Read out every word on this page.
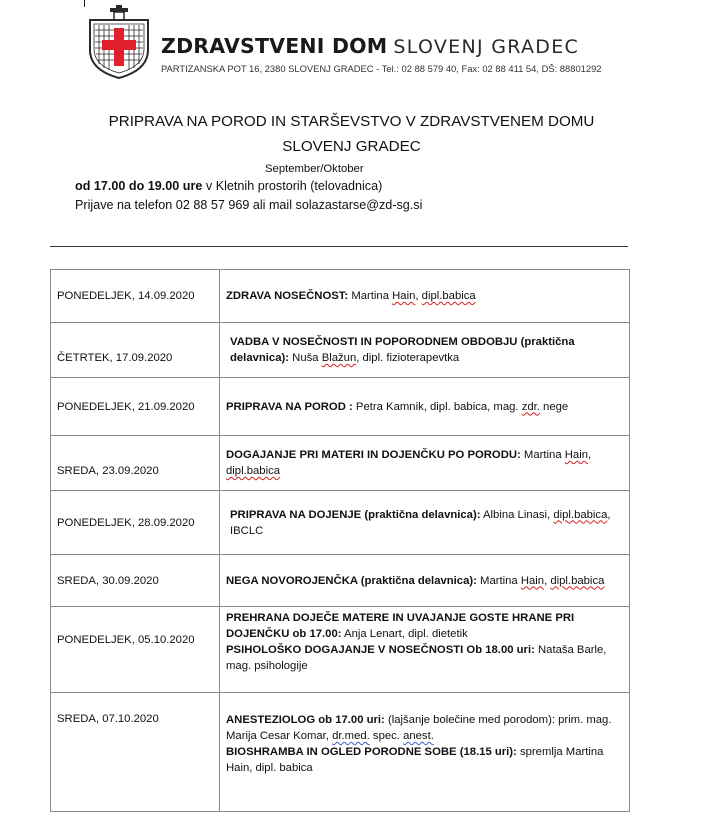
ZDRAVSTVENI DOM SLOVENJ GRADEC
PARTIZANSKA POT 16, 2380 SLOVENJ GRADEC - Tel.: 02 88 579 40, Fax: 02 88 411 54, DŠ: 88801292
PRIPRAVA NA POROD IN STARŠEVSTVO V ZDRAVSTVENEM DOMU
SLOVENJ GRADEC
September/Oktober
od 17.00 do 19.00 ure v Kletnih prostorih (telovadnica)
Prijave na telefon 02 88 57 969 ali mail solazastarse@zd-sg.si
PONEDELJEK, 14.09.2020	ZDRAVA NOSEČNOST: Martina Hain, dipl.babica
ČETRTEK, 17.09.2020	VADBA V NOSEČNOSTI IN POPORODNEM OBDOBJU (praktična delavnica): Nuša Blažun, dipl. fizioterapevtka
PONEDELJEK, 21.09.2020	PRIPRAVA NA POROD : Petra Kamnik, dipl. babica, mag. zdr. nege
SREDA, 23.09.2020	DOGAJANJE PRI MATERI IN DOJENČKU PO PORODU: Martina Hain, dipl.babica
PONEDELJEK, 28.09.2020	PRIPRAVA NA DOJENJE (praktična delavnica): Albina Linasi, dipl.babica, IBCLC
SREDA, 30.09.2020	NEGA NOVOROJENČKA (praktična delavnica): Martina Hain, dipl.babica
PONEDELJEK, 05.10.2020	PREHRANA DOJEČE MATERE IN UVAJANJE GOSTE HRANE PRI DOJENČKU ob 17.00: Anja Lenart, dipl. dietetik
PSIHOLOŠKO DOGAJANJE V NOSEČNOSTI Ob 18.00 uri: Nataša Barle, mag. psihologije

SREDA, 07.10.2020	ANESTEZIOLOG ob 17.00 uri: (lajšanje bolečine med porodom): prim. mag. Marija Cesar Komar, dr.med. spec. anest.
BIOSHRAMBA IN OGLED PORODNE SOBE (18.15 uri): spremlja Martina Hain, dipl. babica
